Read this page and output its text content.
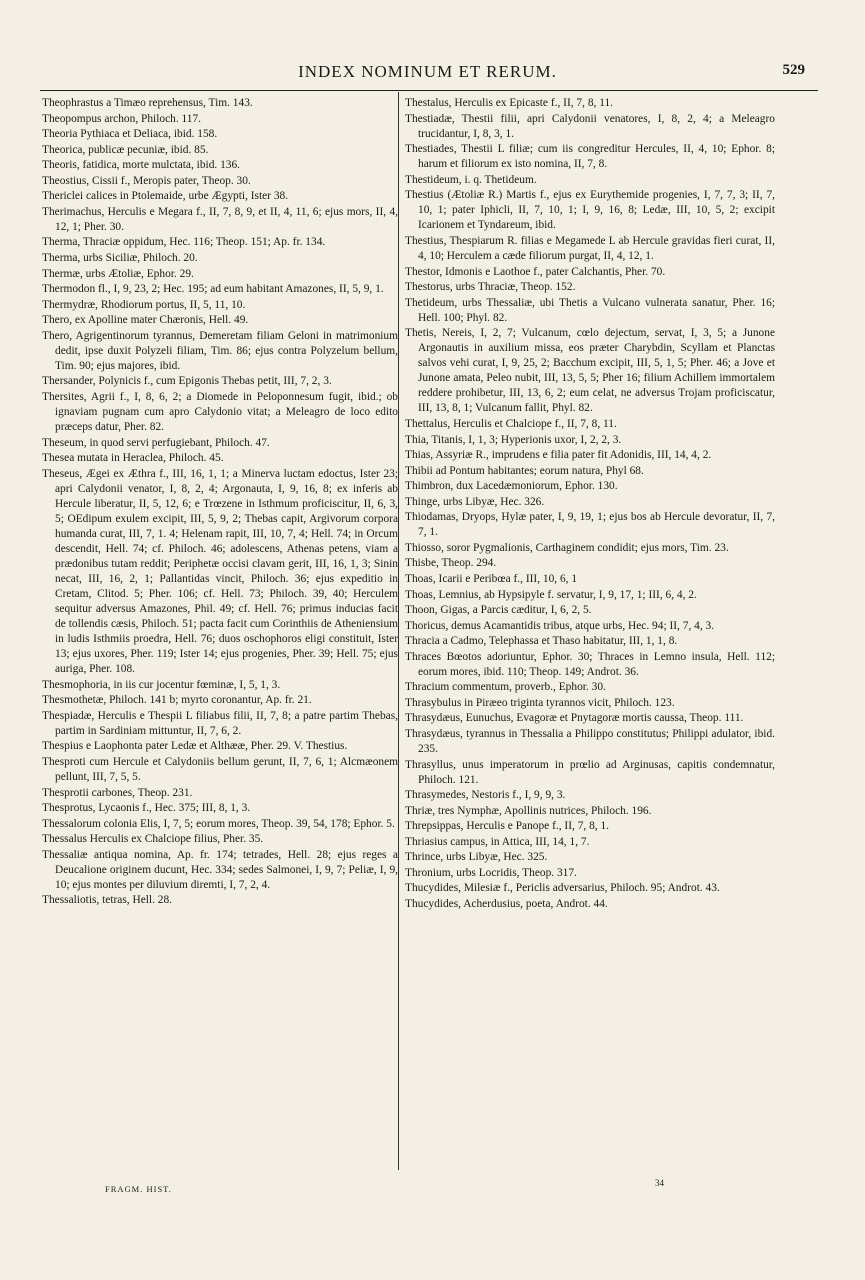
INDEX NOMINUM ET RERUM.	529
Theophrastus a Timæo reprehensus, Tim. 143.
Theopompus archon, Philoch. 117.
Theoria Pythiaca et Deliaca, ibid. 158.
Theorica, publicæ pecuniæ, ibid. 85.
Theoris, fatidica, morte mulctata, ibid. 136.
Theostius, Cissii f., Meropis pater, Theop. 30.
Thericlei calices in Ptolemaide, urbe Ægypti, Ister 38.
Therimachus, Herculis e Megara f., II, 7, 8, 9, et II, 4, 11, 6; ejus mors, II, 4, 12, 1; Pher. 30.
Therma, Thraciæ oppidum, Hec. 116; Theop. 151; Ap. fr. 134.
Therma, urbs Siciliæ, Philoch. 20.
Thermæ, urbs Ætoliæ, Ephor. 29.
Thermodon fl., I, 9, 23, 2; Hec. 195; ad eum habitant Amazones, II, 5, 9, 1.
Thermydræ, Rhodiorum portus, II, 5, 11, 10.
Thero, ex Apolline mater Chæronis, Hell. 49.
Thero, Agrigentinorum tyrannus, Demeretam filiam Geloni in matrimonium dedit, ipse duxit Polyzeli filiam, Tim. 86; ejus contra Polyzelum bellum, Tim. 90; ejus majores, ibid.
Thersander, Polynicis f., cum Epigonis Thebas petit, III, 7, 2, 3.
Thersites, Agrii f., I, 8, 6, 2; a Diomede in Peloponnesum fugit, ibid.; ob ignaviam pugnam cum apro Calydonio vitat; a Meleagro de loco edito præceps datur, Pher. 82.
Theseum, in quod servi perfugiebant, Philoch. 47.
Thesea mutata in Heraclea, Philoch. 45.
Theseus, Ægei ex Æthra f., III, 16, 1, 1; a Minerva luctam edoctus, Ister 23; apri Calydonii venator, I, 8, 2, 4; Argonauta, I, 9, 16, 8; ex inferis ab Hercule liberatur, II, 5, 12, 6; e Trœzene in Isthmum proficiscitur, II, 6, 3, 5; OEdipum exulem excipit, III, 5, 9, 2; Thebas capit, Argivorum corpora humanda curat, III, 7, 1. 4; Helenam rapit, III, 10, 7, 4; Hell. 74; in Orcum descendit, Hell. 74; cf. Philoch. 46; adolescens, Athenas petens, viam a prædonibus tutam reddit; Periphetæ occisi clavam gerit, III, 16, 1, 3; Sinin necat, III, 16, 2, 1; Pallantidas vincit, Philoch. 36; ejus expeditio in Cretam, Clitod. 5; Pher. 106; cf. Hell. 73; Philoch. 39, 40; Herculem sequitur adversus Amazones, Phil. 49; cf. Hell. 76; primus inducias facit de tollendis cæsis, Philoch. 51; pacta facit cum Corinthiis de Atheniensium in ludis Isthmiis proedra, Hell. 76; duos oschophoros eligi constituit, Ister 13; ejus uxores, Pher. 119; Ister 14; ejus progenies, Pher. 39; Hell. 75; ejus auriga, Pher. 108.
Thesmophoria, in iis cur jocentur fœminæ, I, 5, 1, 3.
Thesmothetæ, Philoch. 141 b; myrto coronantur, Ap. fr. 21.
Thespiadæ, Herculis e Thespii L filiabus filii, II, 7, 8; a patre partim Thebas, partim in Sardiniam mittuntur, II, 7, 6, 2.
Thespius e Laophonta pater Ledæ et Althææ, Pher. 29. V. Thestius.
Thesproti cum Hercule et Calydoniis bellum gerunt, II, 7, 6, 1; Alcmæonem pellunt, III, 7, 5, 5.
Thesprotii carbones, Theop. 231.
Thesprotus, Lycaonis f., Hec. 375; III, 8, 1, 3.
Thessalorum colonia Elis, I, 7, 5; eorum mores, Theop. 39, 54, 178; Ephor. 5.
Thessalus Herculis ex Chalciope filius, Pher. 35.
Thessaliæ antiqua nomina, Ap. fr. 174; tetrades, Hell. 28; ejus reges a Deucalione originem ducunt, Hec. 334; sedes Salmonei, I, 9, 7; Peliæ, I, 9, 10; ejus montes per diluvium diremti, I, 7, 2, 4.
Thessaliotis, tetras, Hell. 28.
Thestalus, Herculis ex Epicaste f., II, 7, 8, 11.
Thestiadæ, Thestii filii, apri Calydonii venatores, I, 8, 2, 4; a Meleagro trucidantur, I, 8, 3, 1.
Thestiades, Thestii L filiæ; cum iis congreditur Hercules, II, 4, 10; Ephor. 8; harum et filiorum ex isto nomina, II, 7, 8.
Thestideum, i. q. Thetideum.
Thestius (Ætoliæ R.) Martis f., ejus ex Eurythemide progenies, I, 7, 7, 3; II, 7, 10, 1; pater Iphicli, II, 7, 10, 1; I, 9, 16, 8; Ledæ, III, 10, 5, 2; excipit Icarionem et Tyndareum, ibid.
Thestius, Thespiarum R. filias e Megamede L ab Hercule gravidas fieri curat, II, 4, 10; Herculem a cæde filiorum purgat, II, 4, 12, 1.
Thestor, Idmonis e Laothoe f., pater Calchantis, Pher. 70.
Thestorus, urbs Thraciæ, Theop. 152.
Thetideum, urbs Thessaliæ, ubi Thetis a Vulcano vulnerata sanatur, Pher. 16; Hell. 100; Phyl. 82.
Thetis, Nereis, I, 2, 7; Vulcanum, cœlo dejectum, servat, I, 3, 5; a Junone Argonautis in auxilium missa, eos præter Charybdin, Scyllam et Planctas salvos vehi curat, I, 9, 25, 2; Bacchum excipit, III, 5, 1, 5; Pher. 46; a Jove et Junone amata, Peleo nubit, III, 13, 5, 5; Pher 16; filium Achillem immortalem reddere prohibetur, III, 13, 6, 2; eum celat, ne adversus Trojam proficiscatur, III, 13, 8, 1; Vulcanum fallit, Phyl. 82.
Thettalus, Herculis et Chalciope f., II, 7, 8, 11.
Thia, Titanis, I, 1, 3; Hyperionis uxor, I, 2, 2, 3.
Thias, Assyriæ R., imprudens e filia pater fit Adonidis, III, 14, 4, 2.
Thibii ad Pontum habitantes; eorum natura, Phyl 68.
Thimbron, dux Lacedæmoniorum, Ephor. 130.
Thinge, urbs Libyæ, Hec. 326.
Thiodamas, Dryops, Hylæ pater, I, 9, 19, 1; ejus bos ab Hercule devoratur, II, 7, 7, 1.
Thiosso, soror Pygmalionis, Carthaginem condidit; ejus mors, Tim. 23.
Thisbe, Theop. 294.
Thoas, Icarii e Peribœa f., III, 10, 6, 1
Thoas, Lemnius, ab Hypsipyle f. servatur, I, 9, 17, 1; III, 6, 4, 2.
Thoon, Gigas, a Parcis cæditur, I, 6, 2, 5.
Thoricus, demus Acamantidis tribus, atque urbs, Hec. 94; II, 7, 4, 3.
Thracia a Cadmo, Telephassa et Thaso habitatur, III, 1, 1, 8.
Thraces Bœotos adoriuntur, Ephor. 30; Thraces in Lemno insula, Hell. 112; eorum mores, ibid. 110; Theop. 149; Androt. 36.
Thracium commentum, proverb., Ephor. 30.
Thrasybulus in Piræeo triginta tyrannos vicit, Philoch. 123.
Thrasydæus, Eunuchus, Evagoræ et Pnytagoræ mortis caussa, Theop. 111.
Thrasydæus, tyrannus in Thessalia a Philippo constitutus; Philippi adulator, ibid. 235.
Thrasyllus, unus imperatorum in prœlio ad Arginusas, capitis condemnatur, Philoch. 121.
Thrasymedes, Nestoris f., I, 9, 9, 3.
Thriæ, tres Nymphæ, Apollinis nutrices, Philoch. 196.
Threpsippas, Herculis e Panope f., II, 7, 8, 1.
Thriasius campus, in Attica, III, 14, 1, 7.
Thrince, urbs Libyæ, Hec. 325.
Thronium, urbs Locridis, Theop. 317.
Thucydides, Milesiæ f., Periclis adversarius, Philoch. 95; Androt. 43.
Thucydides, Acherdusius, poeta, Androt. 44.
FRAGM. HIST.
34
